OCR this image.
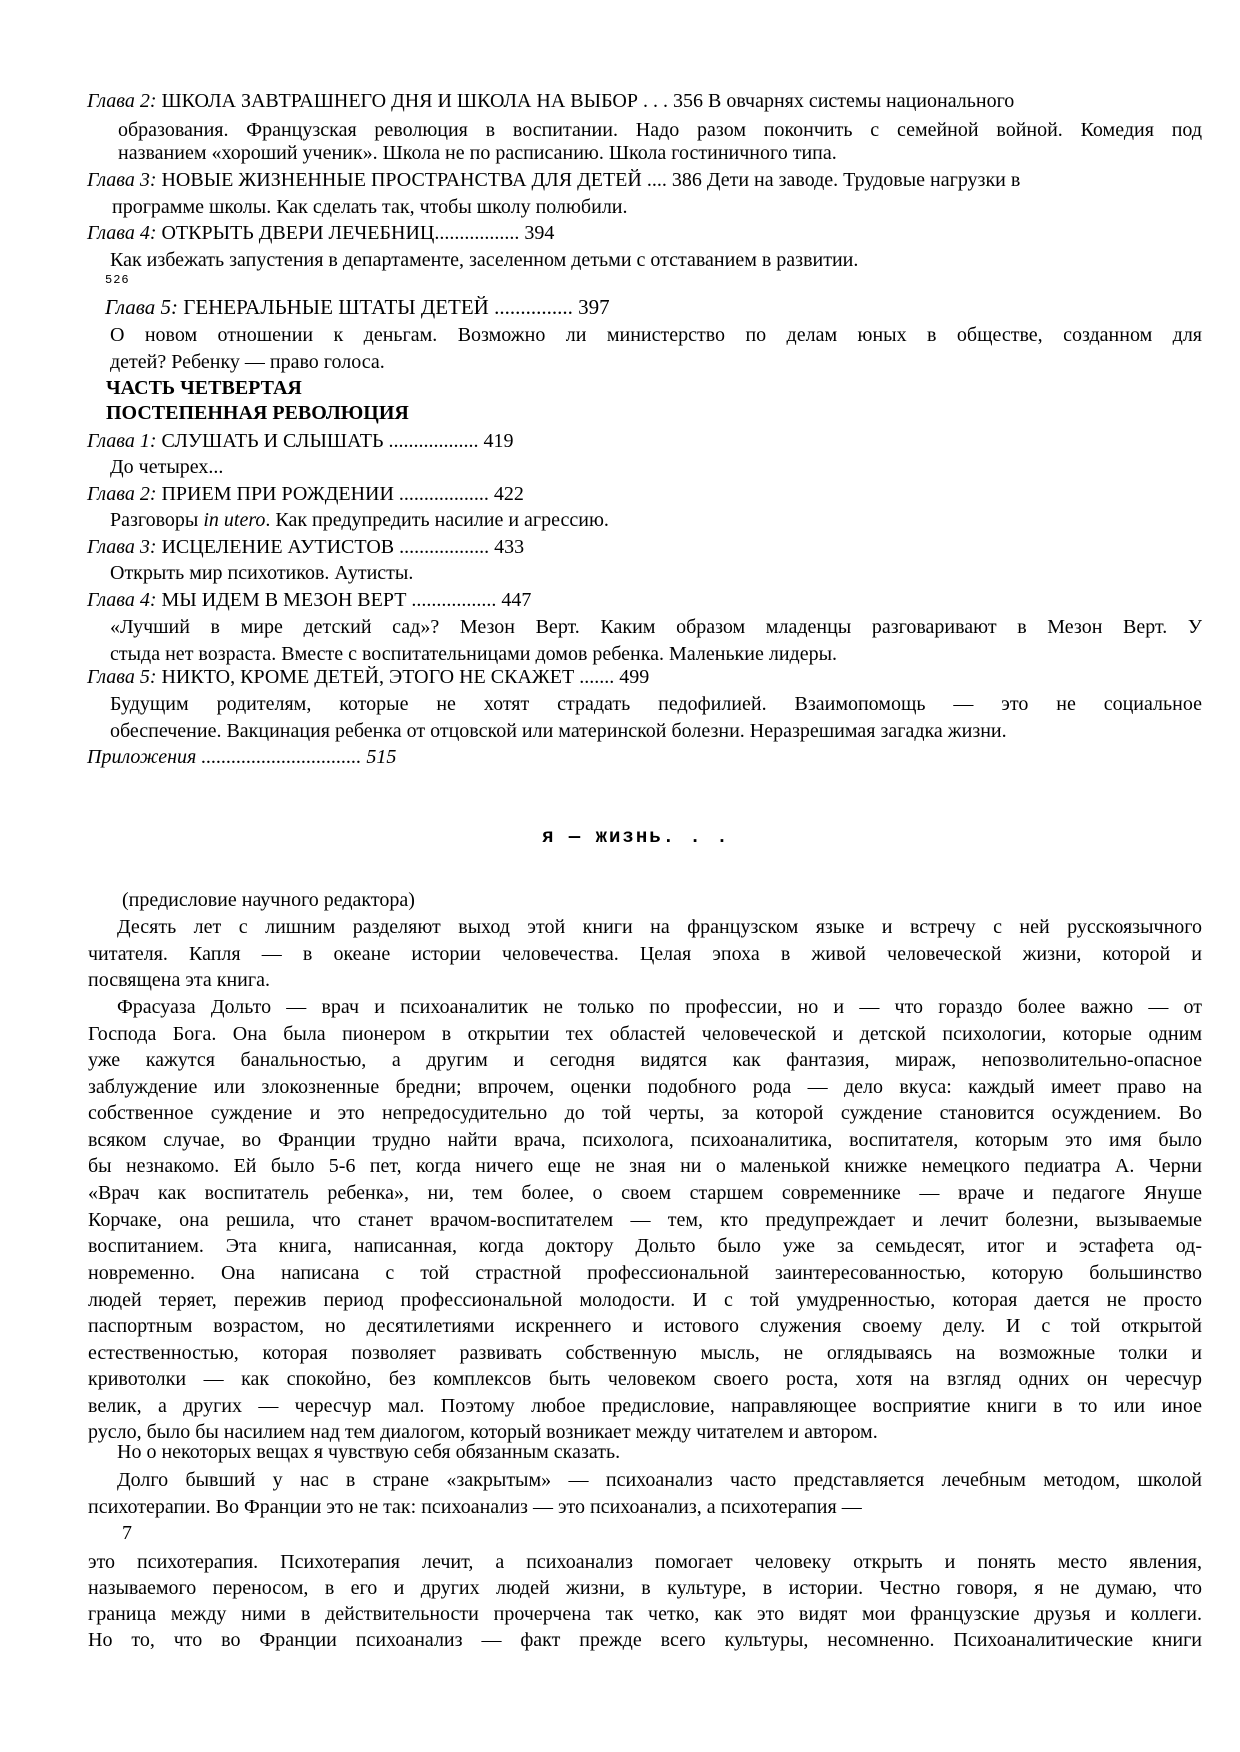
Глава 2: ШКОЛА ЗАВТРАШНЕГО ДНЯ И ШКОЛА НА ВЫБОР . . . 356 В овчарнях системы национального
образования. Французская революция в воспитании. Надо разом покончить с семейной войной. Комедия под
названием «хороший ученик». Школа не по расписанию. Школа гостиничного типа.
Глава 3: НОВЫЕ ЖИЗНЕННЫЕ ПРОСТРАНСТВА ДЛЯ ДЕТЕЙ .... 386 Дети на заводе. Трудовые нагрузки в
программе школы. Как сделать так, чтобы школу полюбили.
Глава 4: ОТКРЫТЬ ДВЕРИ ЛЕЧЕБНИЦ................. 394
Как избежать запустения в департаменте, заселенном детьми с отставанием в развитии.
526
Глава 5: ГЕНЕРАЛЬНЫЕ ШТАТЫ ДЕТЕЙ ............... 397
О новом отношении к деньгам. Возможно ли министерство по делам юных в обществе, созданном для
детей? Ребенку — право голоса.
ЧАСТЬ ЧЕТВЕРТАЯ
ПОСТЕПЕННАЯ РЕВОЛЮЦИЯ
Глава 1: СЛУШАТЬ И СЛЫШАТЬ .................. 419
До четырех...
Глава 2: ПРИЕМ ПРИ РОЖДЕНИИ .................. 422
Разговоры in utero. Как предупредить насилие и агрессию.
Глава 3: ИСЦЕЛЕНИЕ АУТИСТОВ .................. 433
Открыть мир психотиков. Аутисты.
Глава 4: МЫ ИДЕМ В МЕЗОН ВЕРТ ................. 447
«Лучший в мире детский сад»? Мезон Верт. Каким образом младенцы разговаривают в Мезон Верт. У
стыда нет возраста. Вместе с воспитательницами домов ребенка. Маленькие лидеры.
Глава 5: НИКТО, КРОМЕ ДЕТЕЙ, ЭТОГО НЕ СКАЖЕТ ....... 499
Будущим родителям, которые не хотят страдать педофилией. Взаимопомощь — это не социальное
обеспечение. Вакцинация ребенка от отцовской или материнской болезни. Неразрешимая загадка жизни.
Приложения ................................ 515
я — жизнь. . .
(предисловие научного редактора)
Десять лет с лишним разделяют выход этой книги на французском языке и встречу с ней русскоязычного
читателя. Капля — в океане истории человечества. Целая эпоха в живой человеческой жизни, которой и
посвящена эта книга.
Фрасуаза Дольто — врач и психоаналитик не только по профессии, но и — что гораздо более важно — от
Господа Бога. Она была пионером в открытии тех областей человеческой и детской психологии, которые одним
уже кажутся банальностью, а другим и сегодня видятся как фантазия, мираж, непозволительно-опасное
заблуждение или злокозненные бредни; впрочем, оценки подобного рода — дело вкуса: каждый имеет право на
собственное суждение и это непредосудительно до той черты, за которой суждение становится осуждением. Во
всяком случае, во Франции трудно найти врача, психолога, психоаналитика, воспитателя, которым это имя было
бы незнакомо. Ей было 5-6 пет, когда ничего еще не зная ни о маленькой книжке немецкого педиатра А. Черни
«Врач как воспитатель ребенка», ни, тем более, о своем старшем современнике — враче и педагоге Януше
Корчаке, она решила, что станет врачом-воспитателем — тем, кто предупреждает и лечит болезни, вызываемые
воспитанием. Эта книга, написанная, когда доктору Дольто было уже за семьдесят, итог и эстафета од-
новременно. Она написана с той страстной профессиональной заинтересованностью, которую большинство
людей теряет, пережив период профессиональной молодости. И с той умудренностью, которая дается не просто
паспортным возрастом, но десятилетиями искреннего и истового служения своему делу. И с той открытой
естественностью, которая позволяет развивать собственную мысль, не оглядываясь на возможные толки и
кривотолки — как спокойно, без комплексов быть человеком своего роста, хотя на взгляд одних он чересчур
велик, а других — чересчур мал. Поэтому любое предисловие, направляющее восприятие книги в то или иное
русло, было бы насилием над тем диалогом, который возникает между читателем и автором.
Но о некоторых вещах я чувствую себя обязанным сказать.
Долго бывший у нас в стране «закрытым» — психоанализ часто представляется лечебным методом, школой
психотерапии. Во Франции это не так: психоанализ — это психоанализ, а психотерапия —
7
это психотерапия. Психотерапия лечит, а психоанализ помогает человеку открыть и понять место явления,
называемого переносом, в его и других людей жизни, в культуре, в истории. Честно говоря, я не думаю, что
граница между ними в действительности прочерчена так четко, как это видят мои французские друзья и коллеги.
Но то, что во Франции психоанализ — факт прежде всего культуры, несомненно. Психоаналитические книги
